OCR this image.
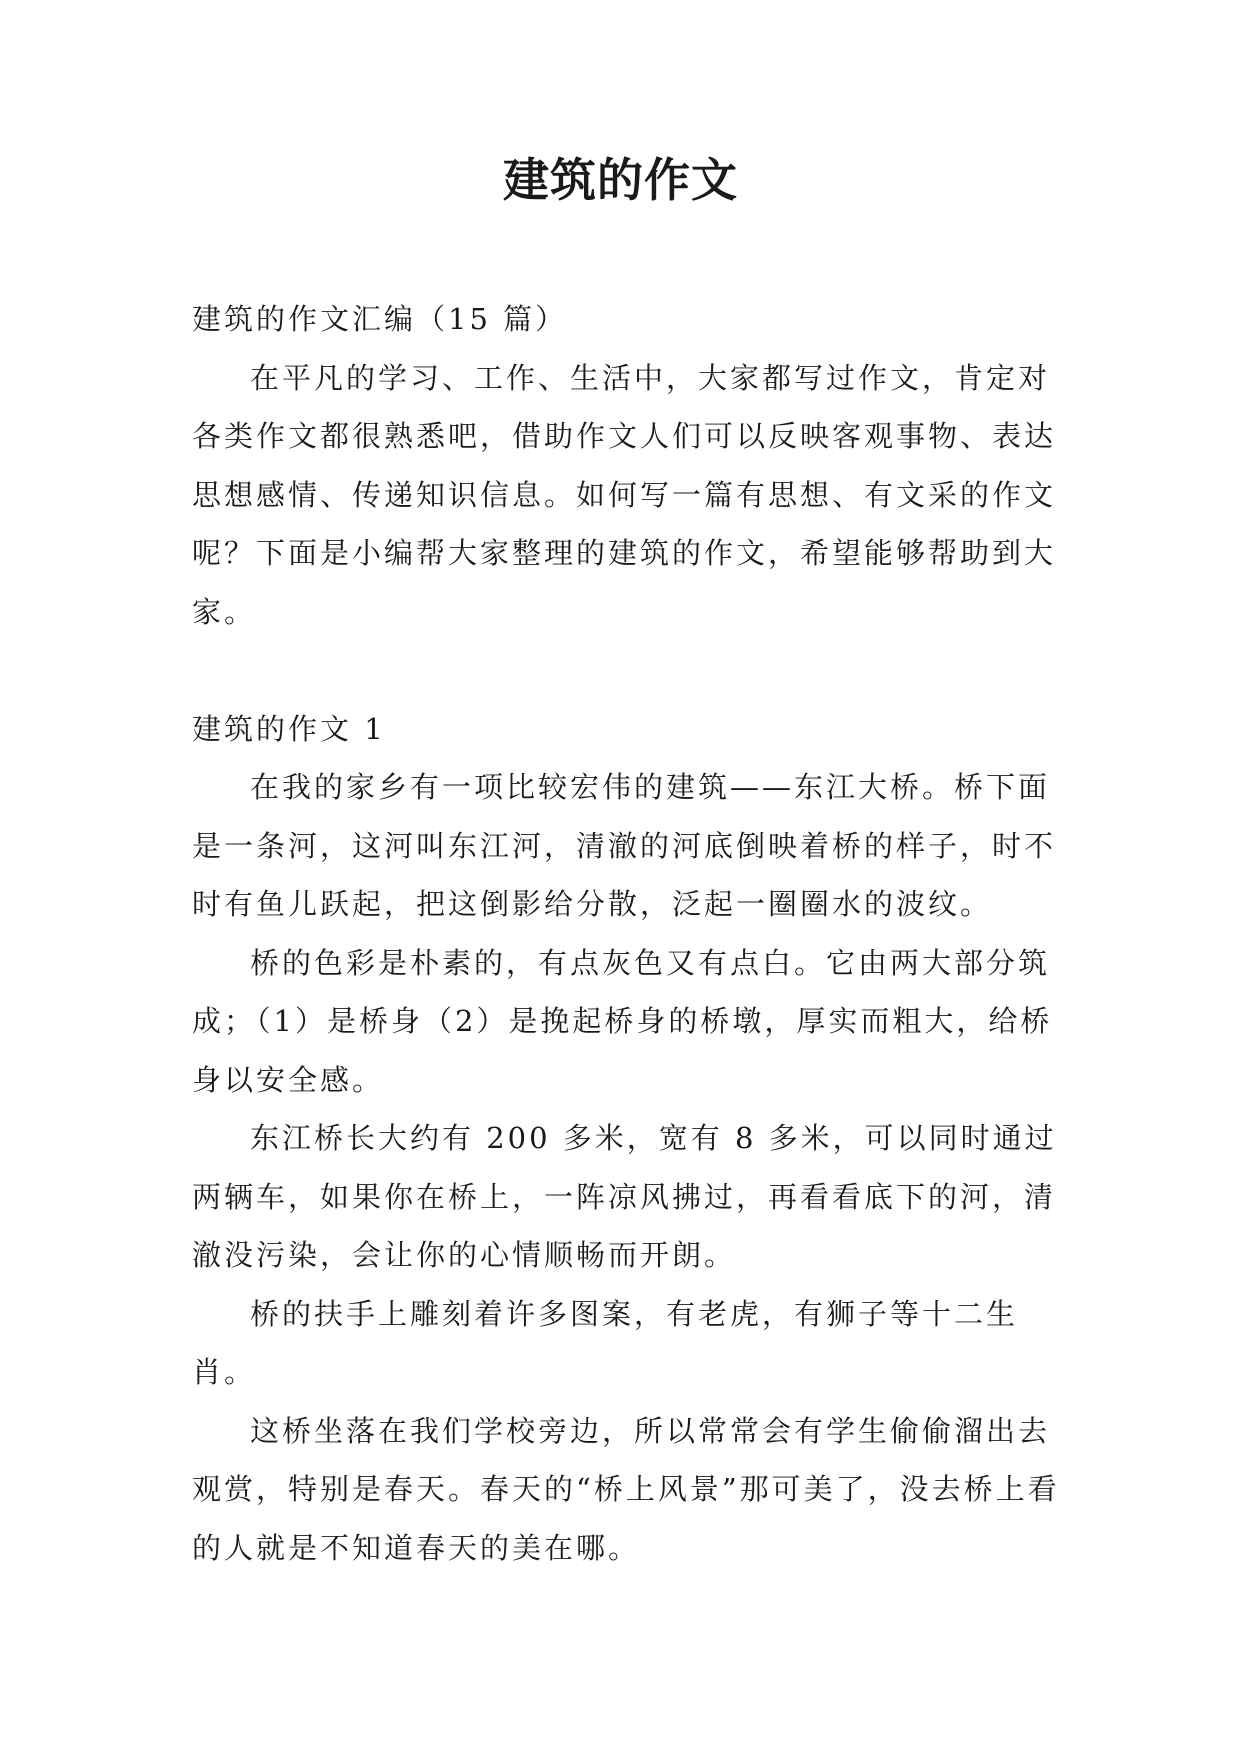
建筑的作文

建筑的作文汇编（15 篇）

在平凡的学习、工作、生活中，大家都写过作文，肯定对各类作文都很熟悉吧，借助作文人们可以反映客观事物、表达思想感情、传递知识信息。如何写一篇有思想、有文采的作文呢？下面是小编帮大家整理的建筑的作文，希望能够帮助到大家。

建筑的作文 1

在我的家乡有一项比较宏伟的建筑——东江大桥。桥下面是一条河，这河叫东江河，清澈的河底倒映着桥的样子，时不时有鱼儿跃起，把这倒影给分散，泛起一圈圈水的波纹。

桥的色彩是朴素的，有点灰色又有点白。它由两大部分筑成；（1）是桥身（2）是挽起桥身的桥墩，厚实而粗大，给桥身以安全感。

东江桥长大约有 200 多米，宽有 8 多米，可以同时通过两辆车，如果你在桥上，一阵凉风拂过，再看看底下的河，清澈没污染，会让你的心情顺畅而开朗。

桥的扶手上雕刻着许多图案，有老虎，有狮子等十二生肖。

这桥坐落在我们学校旁边，所以常常会有学生偷偷溜出去观赏，特别是春天。春天的“桥上风景”那可美了，没去桥上看的人就是不知道春天的美在哪。
